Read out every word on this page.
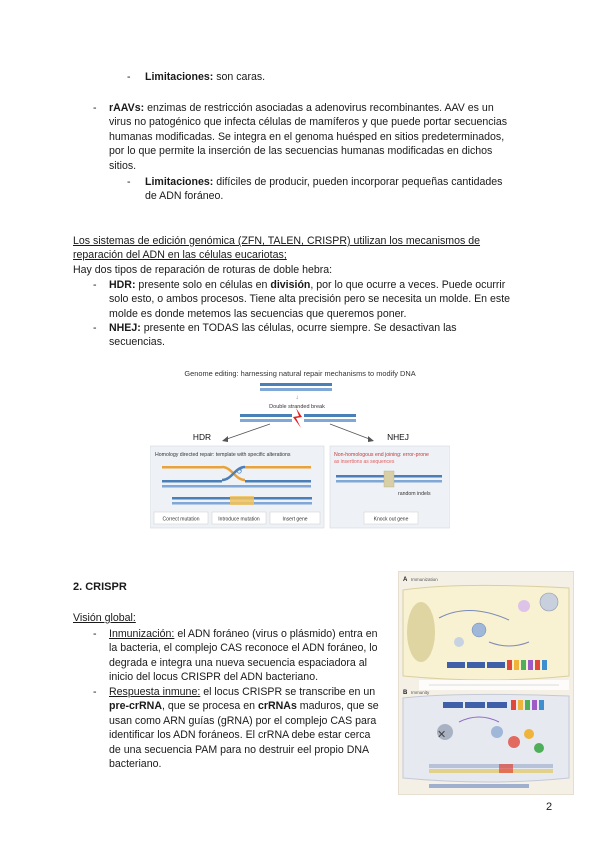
- Limitaciones: son caras.
- rAAVs: enzimas de restricción asociadas a adenovirus recombinantes. AAV es un
virus no patogénico que infecta células de mamíferos y que puede portar secuencias
humanas modificadas. Se integra en el genoma huésped en sitios predeterminados,
por lo que permite la inserción de las secuencias humanas modificadas en dichos
sitios.
- Limitaciones: difíciles de producir, pueden incorporar pequeñas cantidades
de ADN foráneo.
Los sistemas de edición genómica (ZFN, TALEN, CRISPR) utilizan los mecanismos de
reparación del ADN en las células eucariotas;
Hay dos tipos de reparación de roturas de doble hebra:
- HDR: presente solo en células en división, por lo que ocurre a veces. Puede ocurrir
solo esto, o ambos procesos. Tiene alta precisión pero se necesita un molde. En este
molde es donde metemos las secuencias que queremos poner.
- NHEJ: presente en TODAS las células, ocurre siempre. Se desactivan las
secuencias.
Genome editing: harnessing natural repair mechanisms to modify DNA
↓
Double stranded break
HDR	NHEJ
Homology directed repair: template with specific alterations
↺
Correct mutation	Introduce mutation	Insert gene
Non-homologous end joining: error-prone
as insertions as sequences
random indels
Knock out gene
2. CRISPR
Visión global:
- Inmunización: el ADN foráneo (virus o plásmido) entra en
la bacteria, el complejo CAS reconoce el ADN foráneo, lo
degrada e integra una nueva secuencia espaciadora al
inicio del locus CRISPR del ADN bacteriano.
- Respuesta inmune: el locus CRISPR se transcribe en un
pre-crRNA, que se procesa en crRNAs maduros, que se
usan como ARN guías (gRNA) por el complejo CAS para
identificar los ADN foráneos. El crRNA debe estar cerca
de una secuencia PAM para no destruir eel propio DNA
bacteriano.
A Immunization
B Immunity
✕
2
